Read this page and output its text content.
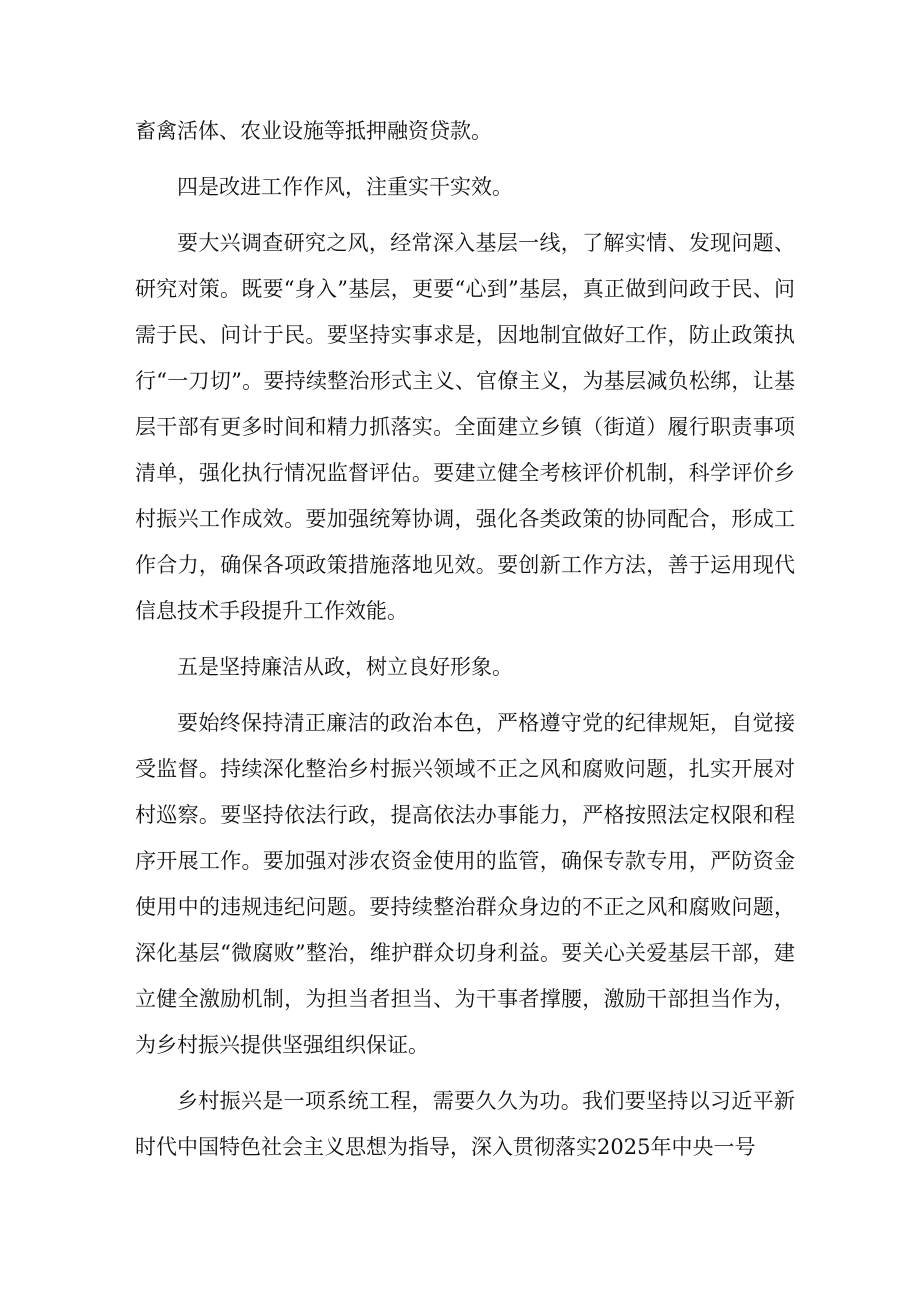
畜禽活体、农业设施等抵押融资贷款。

四是改进工作作风，注重实干实效。

要大兴调查研究之风，经常深入基层一线，了解实情、发现问题、研究对策。既要“身入”基层，更要“心到”基层，真正做到问政于民、问需于民、问计于民。要坚持实事求是，因地制宜做好工作，防止政策执行“一刀切”。要持续整治形式主义、官僚主义，为基层减负松绑，让基层干部有更多时间和精力抓落实。全面建立乡镇（街道）履行职责事项清单，强化执行情况监督评估。要建立健全考核评价机制，科学评价乡村振兴工作成效。要加强统筹协调，强化各类政策的协同配合，形成工作合力，确保各项政策措施落地见效。要创新工作方法，善于运用现代信息技术手段提升工作效能。

五是坚持廉洁从政，树立良好形象。

要始终保持清正廉洁的政治本色，严格遵守党的纪律规矩，自觉接受监督。持续深化整治乡村振兴领域不正之风和腐败问题，扎实开展对村巡察。要坚持依法行政，提高依法办事能力，严格按照法定权限和程序开展工作。要加强对涉农资金使用的监管，确保专款专用，严防资金使用中的违规违纪问题。要持续整治群众身边的不正之风和腐败问题，深化基层“微腐败”整治，维护群众切身利益。要关心关爱基层干部，建立健全激励机制，为担当者担当、为干事者撑腰，激励干部担当作为，为乡村振兴提供坚强组织保证。

乡村振兴是一项系统工程，需要久久为功。我们要坚持以习近平新时代中国特色社会主义思想为指导，深入贯彻落实2025年中央一号
